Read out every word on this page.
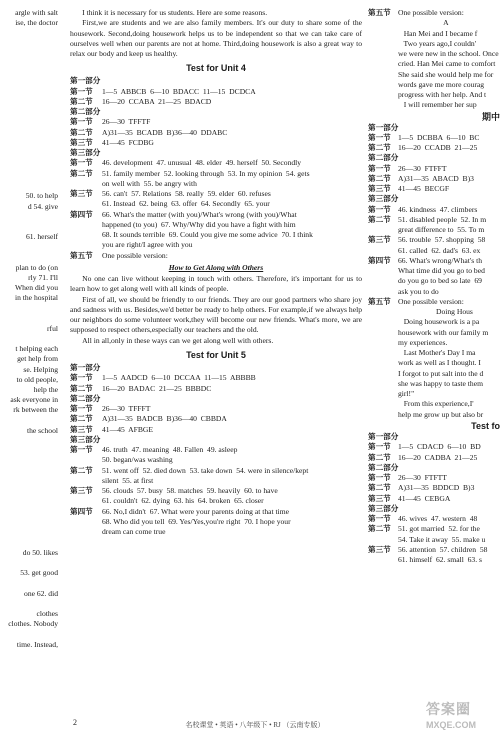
argle with salt
ise, the doctor
50. to help
d 54. give
61. herself
plan to do (on
rly 71. I'll
When did you
in the hospital
rful
t helping each
get help from
se. Helping
to old people,
help the
ask everyone in
rk between the
the school
do 50. likes
53. get good
one 62. did
clothes
clothes. Nobody
time. Instead,

I think it is necessary for us students. Here are some reasons.

First,we are students and we are also family members. It's our duty to share some of the housework. Second,doing housework helps us to be independent so that we can take care of ourselves well when our parents are not at home. Third,doing housework is also a great way to relax our body and keep us healthy.

Test for Unit 4
第一部分
第一节	1—5  ABBCB  6—10  BDACC  11—15  DCDCA
第二节	16—20  CCABA  21—25  BDACD
第二部分
第一节	26—30  TFFTF
第二节	A)31—35  BCADB  B)36—40  DDABC
第三节	41—45  FCDBG
第三部分
第一节	46. development  47. unusual  48. elder  49. herself  50. Secondly
第二节	51. family member  52. looking through  53. In my opinion  54. gets
on well with  55. be angry with
第三节	56. can't  57. Relations  58. really  59. elder  60. refuses
61. Instead  62. being  63. offer  64. Secondly  65. your
第四节	66. What's the matter (with you)/What's wrong (with you)/What
happened (to you)  67. Why/Why did you have a fight with him
68. It sounds terrible  69. Could you give me some advice  70. I think
you are right/I agree with you
第五节	One possible version:
How to Get Along with Others

No one can live without keeping in touch with others. Therefore, it's important for us to learn how to get along well with all kinds of people.

First of all, we should be friendly to our friends. They are our good partners who share joy and sadness with us. Besides,we'd better be ready to help others. For example,if we always help our neighbors do some volunteer work,they will become our new friends. What's more, we are supposed to respect others,especially our teachers and the old.

All in all,only in these ways can we get along well with others.

Test for Unit 5
第一部分
第一节	1—5  AADCD  6—10  DCCAA  11—15  ABBBB
第二节	16—20  BADAC  21—25  BBBDC
第二部分
第一节	26—30  TFFFT
第二节	A)31—35  BADCB  B)36—40  CBBDA
第三节	41—45  AFBGE
第三部分
第一节	46. truth  47. meaning  48. Fallen  49. asleep
50. began/was washing
第二节	51. went off  52. died down  53. take down  54. were in silence/kept
silent  55. at first
第三节	56. clouds  57. busy  58. matches  59. heavily  60. to have
61. couldn't  62. dying  63. his  64. broken  65. closer
第四节	66. No,I didn't  67. What were your parents doing at that time
68. Who did you tell  69. Yes/Yes,you're right  70. I hope your
dream can come true
第五节 One possible version:
A
Han Mei and I became f
Two years ago,I couldn'
we were new in the school. Once
cried. Han Mei came to comfort
She said she would help me for
words gave me more courag
progress with her help. And t
I will remember her sup
期中
第一部分
第一节 1—5  DCBBA  6—10  BC
第二节 16—20  CCADB  21—25
第二部分
第一节 26—30  FTFFT
第二节 A)31—35  ABACD  B)3
第三节 41—45  BECGF
第三部分
第一节 46. kindness  47. climbers
第二节 51. disabled people  52. In m
great difference to  55. To m
第三节 56. trouble  57. shopping  58
61. called  62. dad's  63. ex
第四节 66. What's wrong/What's th
What time did you go to bed
do you go to bed so late  69
ask you to do
第五节 One possible version:
Doing Hous
Doing housework is a pa
housework with our family m
my experiences.
Last Mother's Day I ma
work as well as I thought. I
I forgot to put salt into the d
she was happy to taste them
girl!"
From this experience,I'
help me grow up but also br
Test fo
第一部分
第一节 1—5  CDACD  6—10  BD
第二节 16—20  CADBA  21—25
第二部分
第一节 26—30  FTFTT
第二节 A)31—35  BDDCD  B)3
第三节 41—45  CEBGA
第三部分
第一节 46. wives  47. western  48
第二节 51. got married  52. for the
54. Take it away  55. make u
第三节 56. attention  57. children  58
61. himself  62. small  63. s
2	名校课堂 • 英语 • 八年级下 • RJ （云南专版）
答案圈
MXQE.COM
